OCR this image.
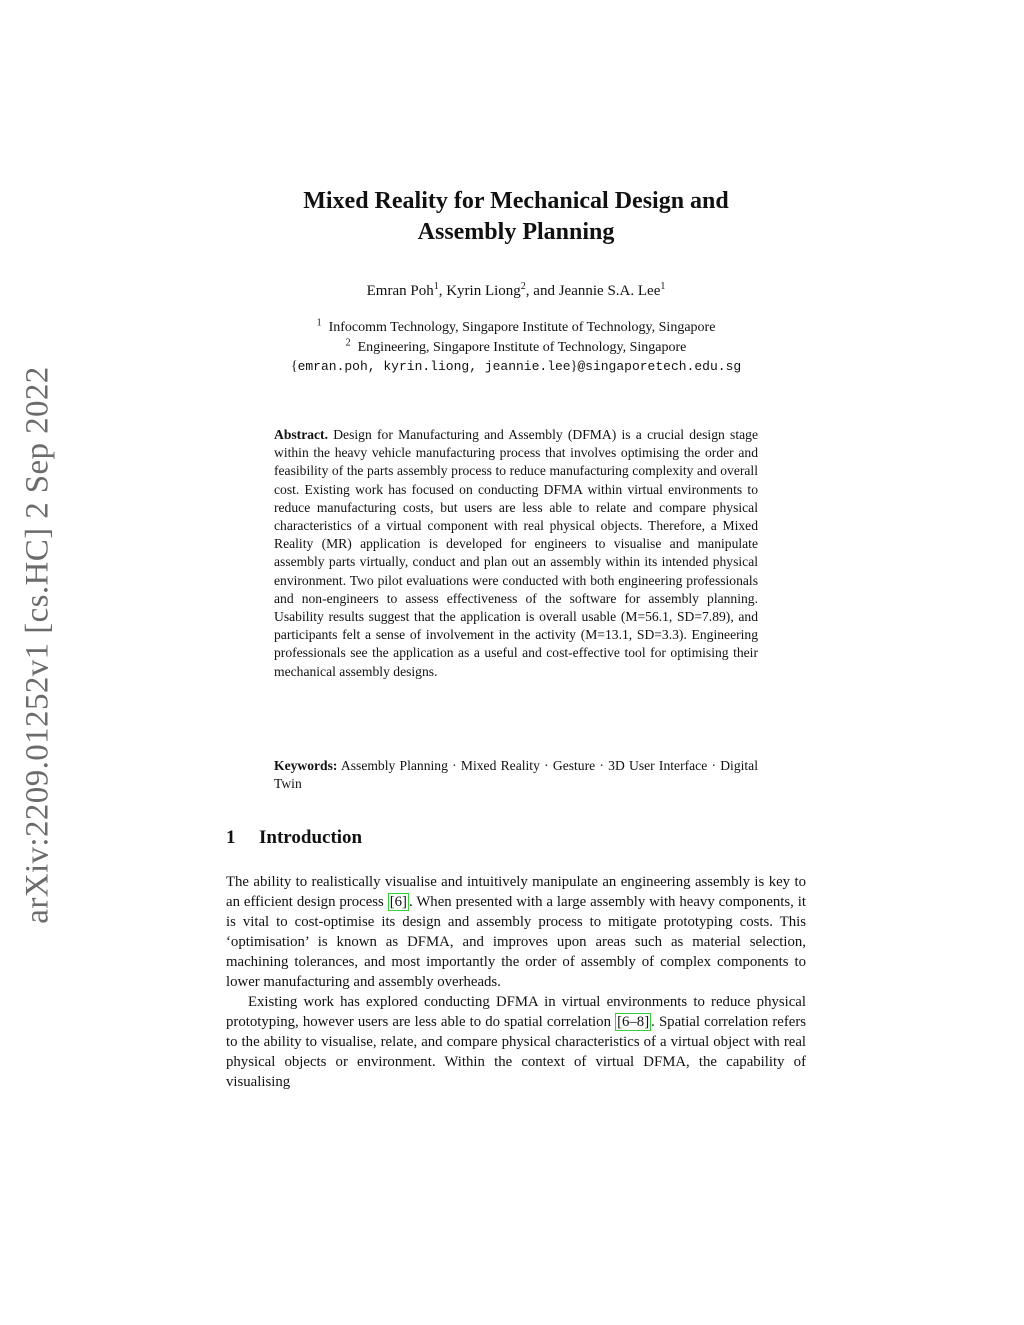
arXiv:2209.01252v1 [cs.HC] 2 Sep 2022
Mixed Reality for Mechanical Design and
Assembly Planning
Emran Poh$^1$, Kyrin Liong$^2$, and Jeannie S.A. Lee$^1$
$^1$ Infocomm Technology, Singapore Institute of Technology, Singapore
$^2$ Engineering, Singapore Institute of Technology, Singapore
{emran.poh, kyrin.liong, jeannie.lee}@singaporetech.edu.sg

Abstract. Design for Manufacturing and Assembly (DFMA) is a crucial design stage within the heavy vehicle manufacturing process that involves optimising the order and feasibility of the parts assembly process to reduce manufacturing complexity and overall cost. Existing work has focused on conducting DFMA within virtual environments to reduce manufacturing costs, but users are less able to relate and compare physical characteristics of a virtual component with real physical objects. Therefore, a Mixed Reality (MR) application is developed for engineers to visualise and manipulate assembly parts virtually, conduct and plan out an assembly within its intended physical environment. Two pilot evaluations were conducted with both engineering professionals and non-engineers to assess effectiveness of the software for assembly planning. Usability results suggest that the application is overall usable (M=56.1, SD=7.89), and participants felt a sense of involvement in the activity (M=13.1, SD=3.3). Engineering professionals see the application as a useful and cost-effective tool for optimising their mechanical assembly designs.

Keywords: Assembly Planning · Mixed Reality · Gesture · 3D User Interface · Digital Twin

1 Introduction

The ability to realistically visualise and intuitively manipulate an engineering assembly is key to an efficient design process [6] . When presented with a large assembly with heavy components, it is vital to cost-optimise its design and assembly process to mitigate prototyping costs. This ‘optimisation’ is known as DFMA, and improves upon areas such as material selection, machining tolerances, and most importantly the order of assembly of complex components to lower manufacturing and assembly overheads.

Existing work has explored conducting DFMA in virtual environments to reduce physical prototyping, however users are less able to do spatial correlation [6–8] . Spatial correlation refers to the ability to visualise, relate, and compare physical characteristics of a virtual object with real physical objects or environment. Within the context of virtual DFMA, the capability of visualising
